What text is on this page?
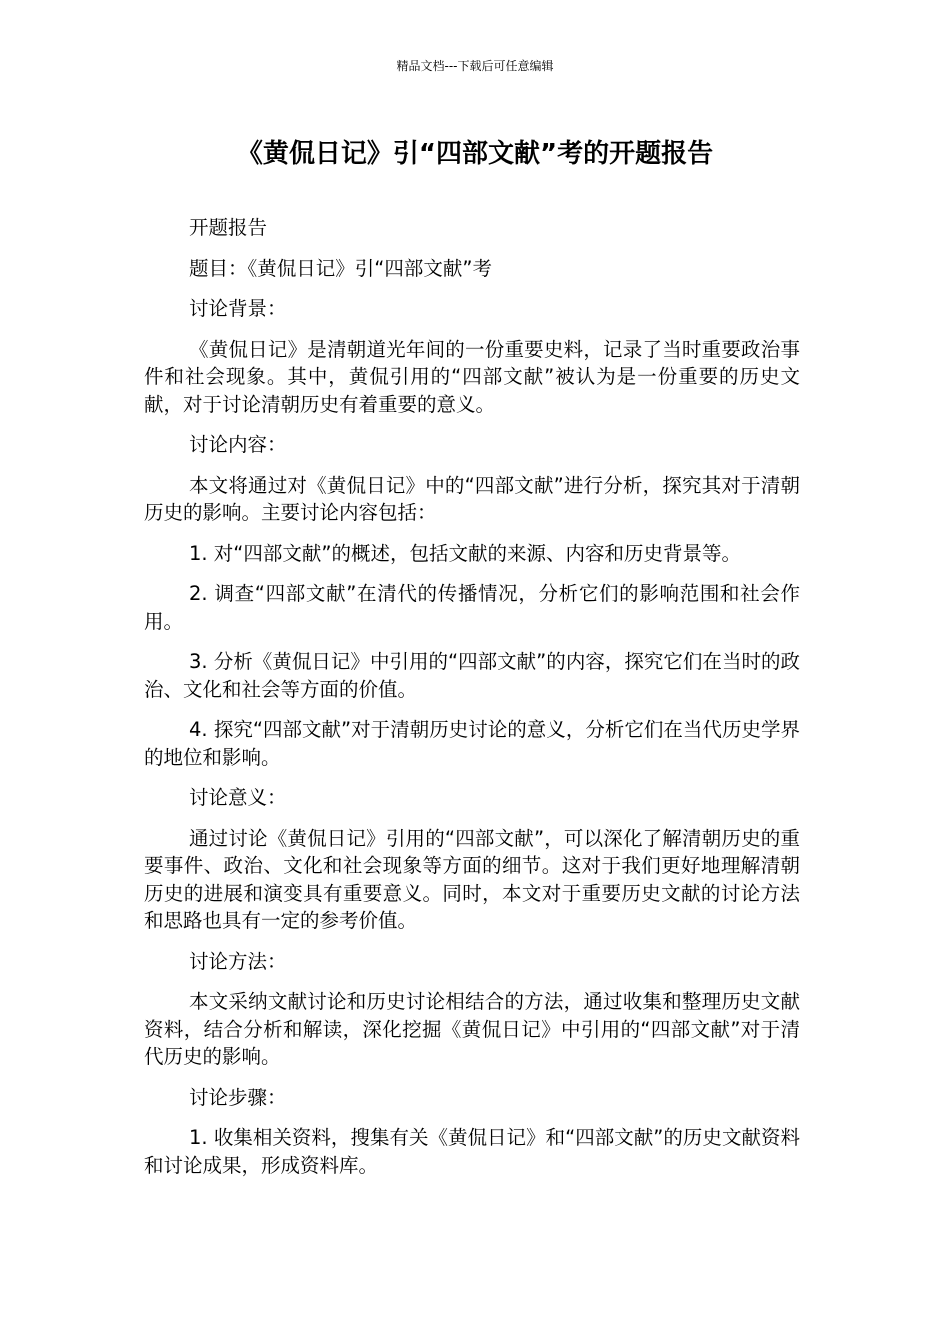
精品文档---下载后可任意编辑
《黄侃日记》引“四部文献”考的开题报告

开题报告

题目：《黄侃日记》引“四部文献”考

讨论背景：

《黄侃日记》是清朝道光年间的一份重要史料，记录了当时重要政治事件和社会现象。其中，黄侃引用的“四部文献”被认为是一份重要的历史文献，对于讨论清朝历史有着重要的意义。

讨论内容：

本文将通过对《黄侃日记》中的“四部文献”进行分析，探究其对于清朝历史的影响。主要讨论内容包括：

1. 对“四部文献”的概述，包括文献的来源、内容和历史背景等。

2. 调查“四部文献”在清代的传播情况，分析它们的影响范围和社会作用。

3. 分析《黄侃日记》中引用的“四部文献”的内容，探究它们在当时的政治、文化和社会等方面的价值。

4. 探究“四部文献”对于清朝历史讨论的意义，分析它们在当代历史学界的地位和影响。

讨论意义：

通过讨论《黄侃日记》引用的“四部文献”，可以深化了解清朝历史的重要事件、政治、文化和社会现象等方面的细节。这对于我们更好地理解清朝历史的进展和演变具有重要意义。同时，本文对于重要历史文献的讨论方法和思路也具有一定的参考价值。

讨论方法：

本文采纳文献讨论和历史讨论相结合的方法，通过收集和整理历史文献资料，结合分析和解读，深化挖掘《黄侃日记》中引用的“四部文献”对于清代历史的影响。

讨论步骤：

1. 收集相关资料，搜集有关《黄侃日记》和“四部文献”的历史文献资料和讨论成果，形成资料库。
